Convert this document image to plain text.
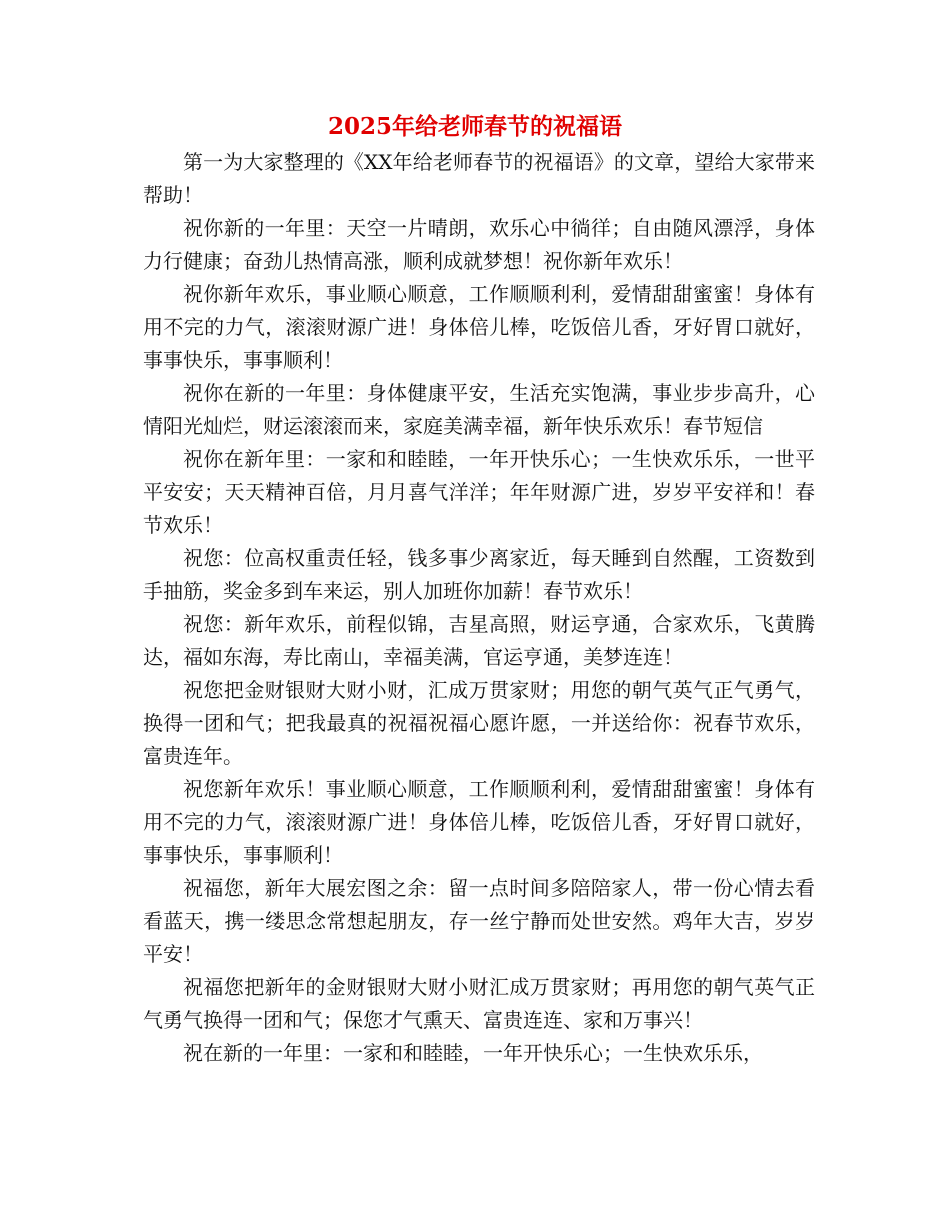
2025年给老师春节的祝福语

第一为大家整理的《XX年给老师春节的祝福语》的文章，望给大家带来帮助！

祝你新的一年里：天空一片晴朗，欢乐心中徜徉；自由随风漂浮，身体力行健康；奋劲儿热情高涨，顺利成就梦想！祝你新年欢乐！

祝你新年欢乐，事业顺心顺意，工作顺顺利利，爱情甜甜蜜蜜！身体有用不完的力气，滚滚财源广进！身体倍儿棒，吃饭倍儿香，牙好胃口就好，事事快乐，事事顺利！

祝你在新的一年里：身体健康平安，生活充实饱满，事业步步高升，心情阳光灿烂，财运滚滚而来，家庭美满幸福，新年快乐欢乐！春节短信

祝你在新年里：一家和和睦睦，一年开快乐心；一生快欢乐乐，一世平平安安；天天精神百倍，月月喜气洋洋；年年财源广进，岁岁平安祥和！春节欢乐！

祝您：位高权重责任轻，钱多事少离家近，每天睡到自然醒，工资数到手抽筋，奖金多到车来运，别人加班你加薪！春节欢乐！

祝您：新年欢乐，前程似锦，吉星高照，财运亨通，合家欢乐，飞黄腾达，福如东海，寿比南山，幸福美满，官运亨通，美梦连连！

祝您把金财银财大财小财，汇成万贯家财；用您的朝气英气正气勇气，换得一团和气；把我最真的祝福祝福心愿许愿，一并送给你：祝春节欢乐，富贵连年。

祝您新年欢乐！事业顺心顺意，工作顺顺利利，爱情甜甜蜜蜜！身体有用不完的力气，滚滚财源广进！身体倍儿棒，吃饭倍儿香，牙好胃口就好，事事快乐，事事顺利！

祝福您，新年大展宏图之余：留一点时间多陪陪家人，带一份心情去看看蓝天，携一缕思念常想起朋友，存一丝宁静而处世安然。鸡年大吉，岁岁平安！

祝福您把新年的金财银财大财小财汇成万贯家财；再用您的朝气英气正气勇气换得一团和气；保您才气熏天、富贵连连、家和万事兴！

祝在新的一年里：一家和和睦睦，一年开快乐心；一生快欢乐乐，
